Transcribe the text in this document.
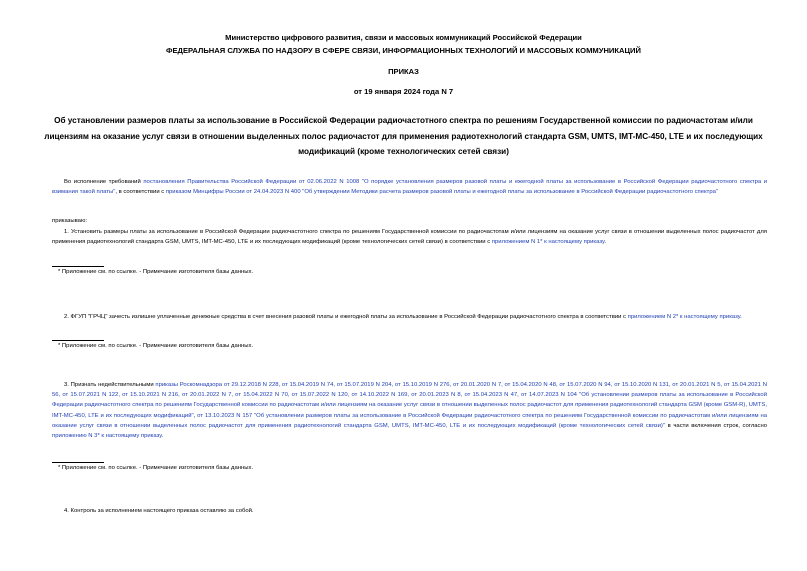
Министерство цифрового развития, связи и массовых коммуникаций Российской Федерации
ФЕДЕРАЛЬНАЯ СЛУЖБА ПО НАДЗОРУ В СФЕРЕ СВЯЗИ, ИНФОРМАЦИОННЫХ ТЕХНОЛОГИЙ И МАССОВЫХ КОММУНИКАЦИЙ
ПРИКАЗ
от 19 января 2024 года N 7
Об установлении размеров платы за использование в Российской Федерации радиочастотного спектра по решениям Государственной комиссии по радиочастотам и/или лицензиям на оказание услуг связи в отношении выделенных полос радиочастот для применения радиотехнологий стандарта GSM, UMTS, IMT-MC-450, LTE и их последующих модификаций (кроме технологических сетей связи)
Во исполнение требований постановления Правительства Российской Федерации от 02.06.2022 N 1008 "О порядке установления размеров разовой платы и ежегодной платы за использование в Российской Федерации радиочастотного спектра и взимания такой платы", в соответствии с приказом Минцифры России от 24.04.2023 N 400 "Об утверждении Методики расчета размеров разовой платы и ежегодной платы за использование в Российской Федерации радиочастотного спектра"
приказываю:
1. Установить размеры платы за использование в Российской Федерации радиочастотного спектра по решениям Государственной комиссии по радиочастотам и/или лицензиям на оказание услуг связи в отношении выделенных полос радиочастот для применения радиотехнологий стандарта GSM, UMTS, IMT-MC-450, LTE и их последующих модификаций (кроме технологических сетей связи) в соответствии с приложением N 1* к настоящему приказу.
* Приложение см. по ссылке. - Примечание изготовителя базы данных.
2. ФГУП "ГРЧЦ" зачесть излишне уплаченные денежные средства в счет внесения разовой платы и ежегодной платы за использование в Российской Федерации радиочастотного спектра в соответствии с приложением N 2* к настоящему приказу.
* Приложение см. по ссылке. - Примечание изготовителя базы данных.
3. Признать недействительными приказы Роскомнадзора от 29.12.2018 N 228, от 15.04.2019 N 74, от 15.07.2019 N 204, от 15.10.2019 N 276, от 20.01.2020 N 7, от 15.04.2020 N 48, от 15.07.2020 N 94, от 15.10.2020 N 131, от 20.01.2021 N 5, от 15.04.2021 N 56, от 15.07.2021 N 122, от 15.10.2021 N 216, от 20.01.2022 N 7, от 15.04.2022 N 70, от 15.07.2022 N 120, от 14.10.2022 N 169, от 20.01.2023 N 8, от 15.04.2023 N 47, от 14.07.2023 N 104 "Об установлении размеров платы за использование в Российской Федерации радиочастотного спектра по решениям Государственной комиссии по радиочастотам и/или лицензиям на оказание услуг связи в отношении выделенных полос радиочастот для применения радиотехнологий стандарта GSM (кроме GSM-R), UMTS, IMT-MC-450, LTE и их последующих модификаций", от 13.10.2023 N 157 "Об установлении размеров платы за использование в Российской Федерации радиочастотного спектра по решениям Государственной комиссии по радиочастотам и/или лицензиям на оказание услуг связи в отношении выделенных полос радиочастот для применения радиотехнологий стандарта GSM, UMTS, IMT-MC-450, LTE и их последующих модификаций (кроме технологических сетей связи)" в части включения строк, согласно приложению N 3* к настоящему приказу.
* Приложение см. по ссылке. - Примечание изготовителя базы данных.
4. Контроль за исполнением настоящего приказа оставляю за собой.
